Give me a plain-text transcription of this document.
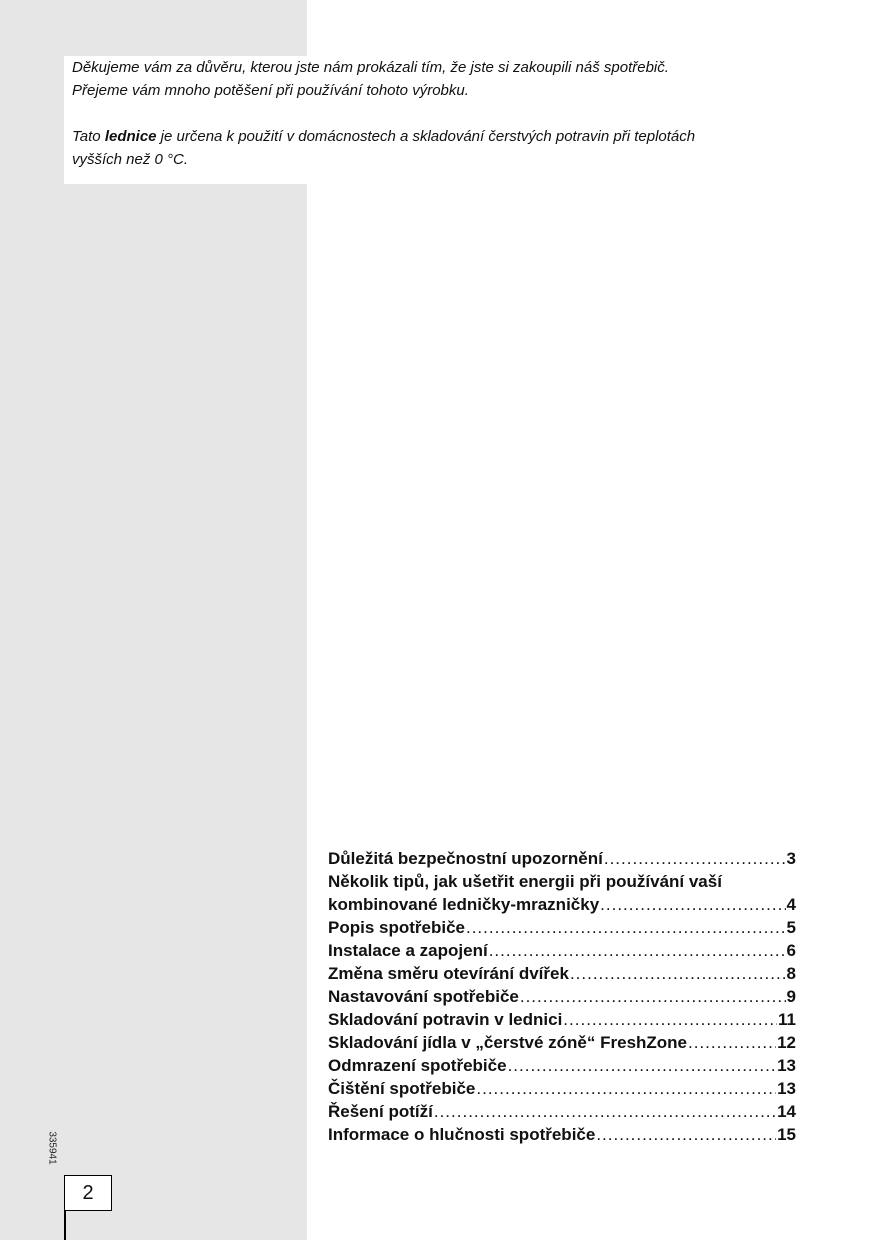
Děkujeme vám za důvěru, kterou jste nám prokázali tím, že jste si zakoupili náš spotřebič.
Přejeme vám mnoho potěšení při používání tohoto výrobku.

Tato lednice je určena k použití v domácnostech a skladování čerstvých potravin při teplotách
vyšších než 0 °C.

Důležitá bezpečnostní upozornění .....	3
Několik tipů, jak ušetřit energii při používání vaší
kombinované ledničky-mrazničky .....	4
Popis spotřebiče .....	5
Instalace a zapojení .....	6
Změna směru otevírání dvířek .....	8
Nastavování spotřebiče .....	9
Skladování potravin v lednici .....	11
Skladování jídla v „čerstvé zóně“ FreshZone .....	12
Odmrazení spotřebiče .....	13
Čištění spotřebiče .....	13
Řešení potíží .....	14
Informace o hlučnosti spotřebiče .....	15
335941
2
